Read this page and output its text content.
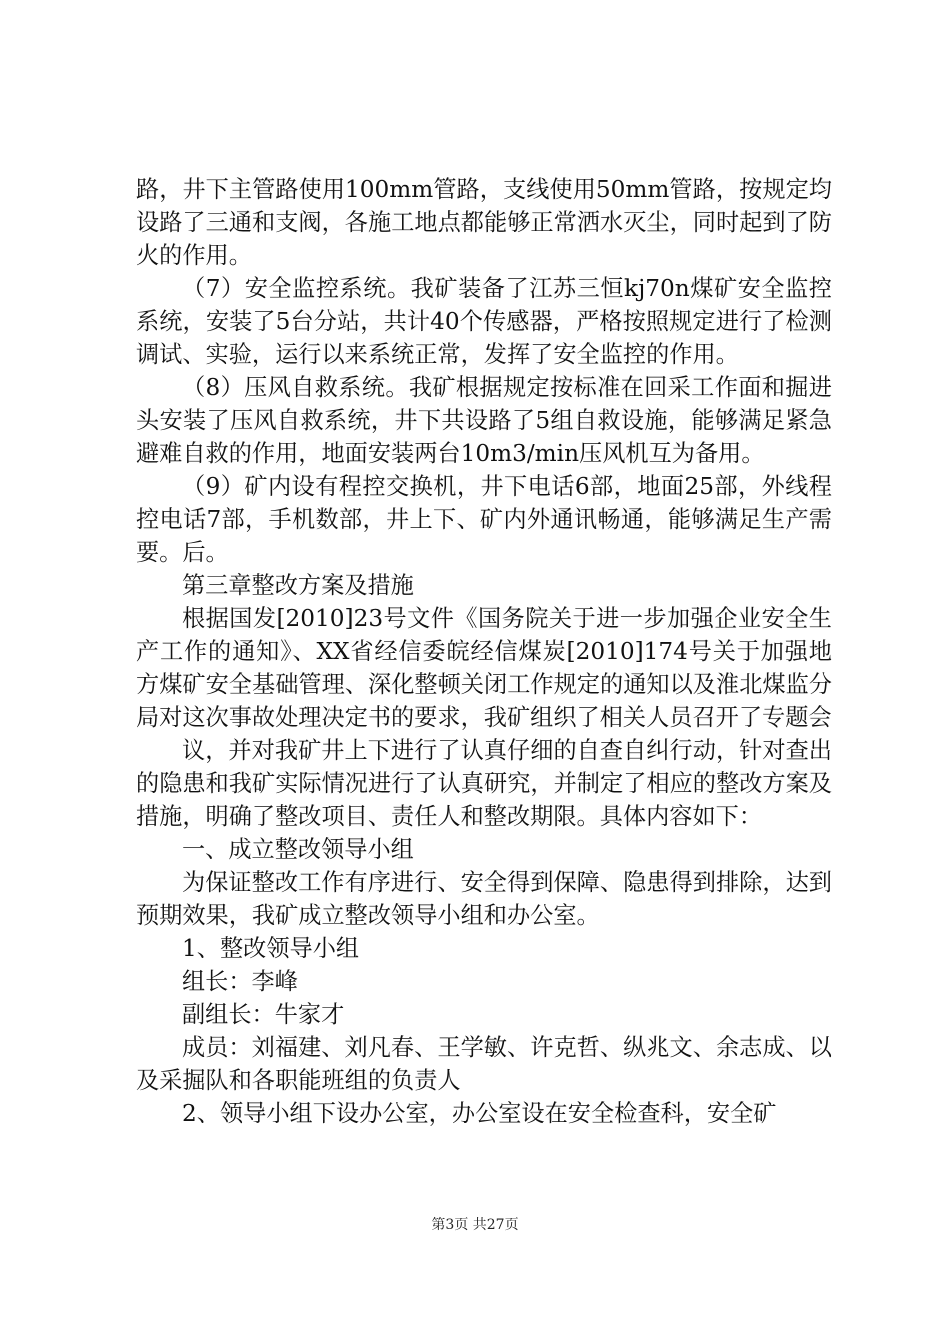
路，井下主管路使用100mm管路，支线使用50mm管路，按规定均设路了三通和支阀，各施工地点都能够正常洒水灭尘，同时起到了防火的作用。

（7）安全监控系统。我矿装备了江苏三恒kj70n煤矿安全监控系统，安装了5台分站，共计40个传感器，严格按照规定进行了检测调试、实验，运行以来系统正常，发挥了安全监控的作用。

（8）压风自救系统。我矿根据规定按标准在回采工作面和掘进头安装了压风自救系统，井下共设路了5组自救设施，能够满足紧急避难自救的作用，地面安装两台10m3/min压风机互为备用。

（9）矿内设有程控交换机，井下电话6部，地面25部，外线程控电话7部，手机数部，井上下、矿内外通讯畅通，能够满足生产需要。后。

第三章整改方案及措施

根据国发[2010]23号文件《国务院关于进一步加强企业安全生产工作的通知》、XX省经信委皖经信煤炭[2010]174号关于加强地方煤矿安全基础管理、深化整顿关闭工作规定的通知以及淮北煤监分局对这次事故处理决定书的要求，我矿组织了相关人员召开了专题会

议，并对我矿井上下进行了认真仔细的自查自纠行动，针对查出的隐患和我矿实际情况进行了认真研究，并制定了相应的整改方案及措施，明确了整改项目、责任人和整改期限。具体内容如下：

一、成立整改领导小组

为保证整改工作有序进行、安全得到保障、隐患得到排除，达到预期效果，我矿成立整改领导小组和办公室。

1、整改领导小组

组长：李峰

副组长：牛家才

成员：刘福建、刘凡春、王学敏、许克哲、纵兆文、余志成、以及采掘队和各职能班组的负责人

2、领导小组下设办公室，办公室设在安全检查科，安全矿

第3页 共27页
